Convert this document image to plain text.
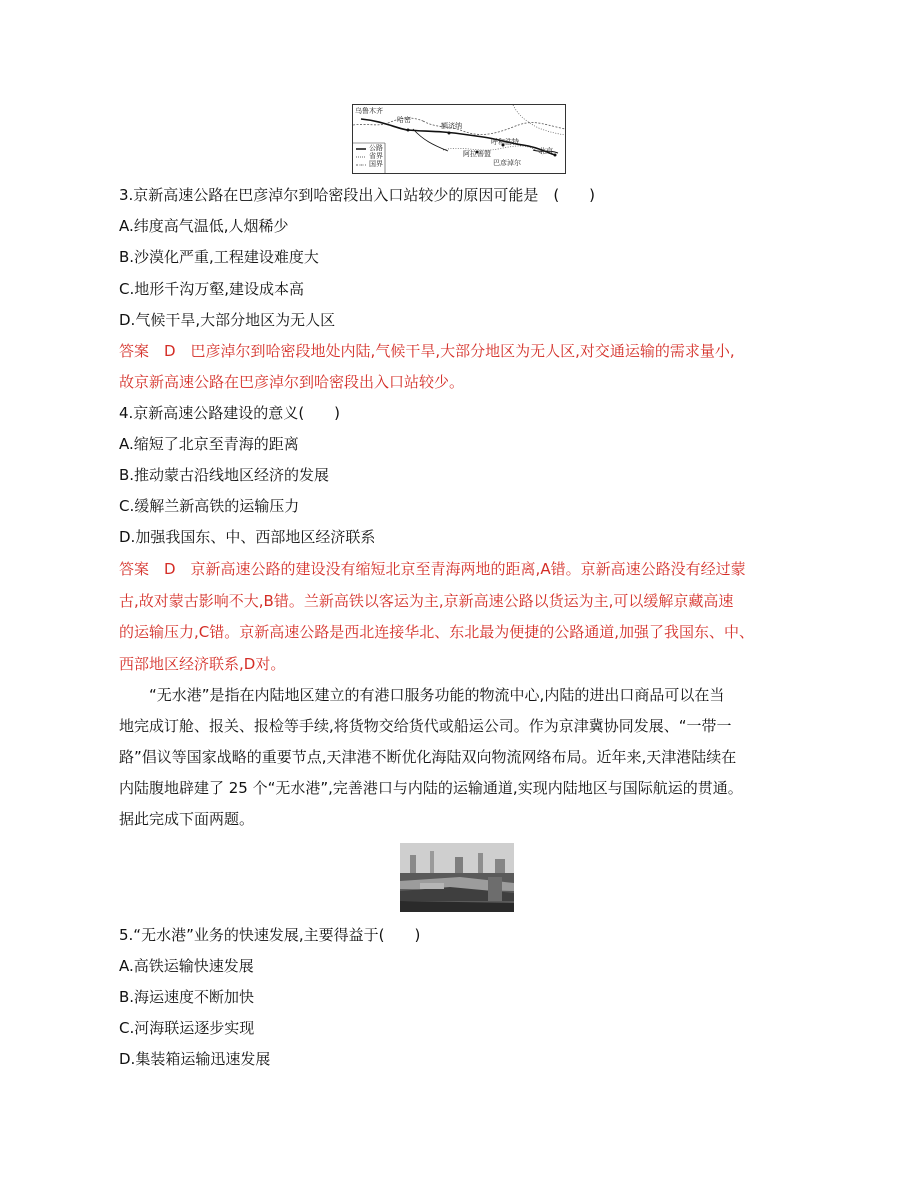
乌鲁木齐
哈密
额济纳
呼和浩特
阿拉善盟
巴彦淖尔
北京
公路
省界
国界
3.京新高速公路在巴彦淖尔到哈密段出入口站较少的原因可能是　(　　)
A.纬度高气温低,人烟稀少
B.沙漠化严重,工程建设难度大
C.地形千沟万壑,建设成本高
D.气候干旱,大部分地区为无人区
答案　D　巴彦淖尔到哈密段地处内陆,气候干旱,大部分地区为无人区,对交通运输的需求量小,
故京新高速公路在巴彦淖尔到哈密段出入口站较少。
4.京新高速公路建设的意义(　　)
A.缩短了北京至青海的距离
B.推动蒙古沿线地区经济的发展
C.缓解兰新高铁的运输压力
D.加强我国东、中、西部地区经济联系
答案　D　京新高速公路的建设没有缩短北京至青海两地的距离,A错。京新高速公路没有经过蒙
古,故对蒙古影响不大,B错。兰新高铁以客运为主,京新高速公路以货运为主,可以缓解京藏高速
的运输压力,C错。京新高速公路是西北连接华北、东北最为便捷的公路通道,加强了我国东、中、
西部地区经济联系,D对。
　　“无水港”是指在内陆地区建立的有港口服务功能的物流中心,内陆的进出口商品可以在当
地完成订舱、报关、报检等手续,将货物交给货代或船运公司。作为京津冀协同发展、“一带一
路”倡议等国家战略的重要节点,天津港不断优化海陆双向物流网络布局。近年来,天津港陆续在
内陆腹地辟建了 25 个“无水港”,完善港口与内陆的运输通道,实现内陆地区与国际航运的贯通。
据此完成下面两题。
5.“无水港”业务的快速发展,主要得益于(　　)
A.高铁运输快速发展
B.海运速度不断加快
C.河海联运逐步实现
D.集装箱运输迅速发展
